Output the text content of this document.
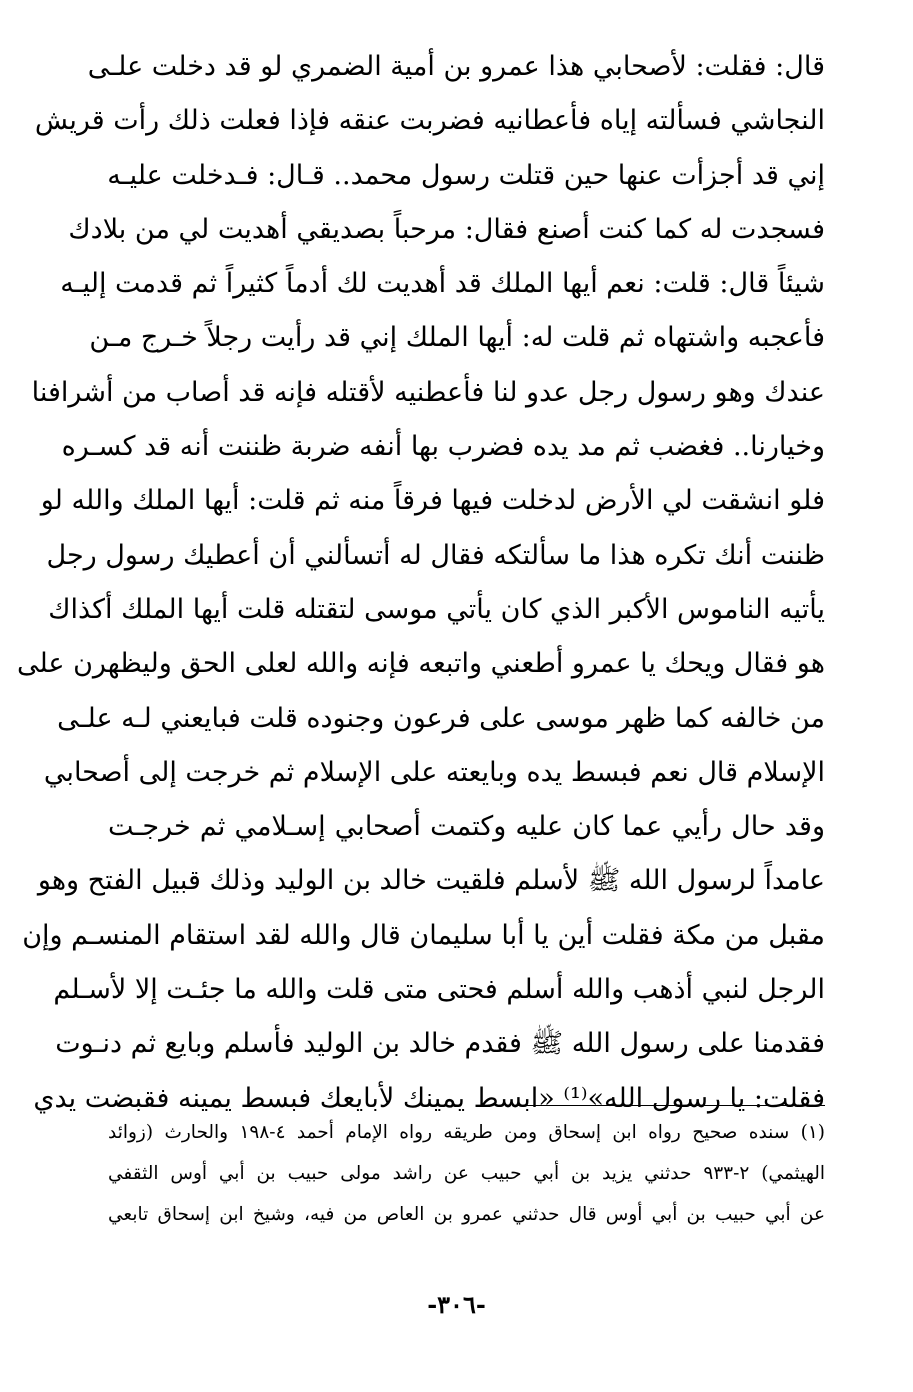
قال: فقلت: لأصحابي هذا عمرو بن أمية الضمري لو قد دخلت علـى
النجاشي فسألته إياه فأعطانيه فضربت عنقه فإذا فعلت ذلك رأت قريش
إني قد أجزأت عنها حين قتلت رسول محمد.. قـال: فـدخلت عليـه
فسجدت له كما كنت أصنع فقال: مرحباً بصديقي أهديت لي من بلادك
شيئاً قال: قلت: نعم أيها الملك قد أهديت لك أدماً كثيراً ثم قدمت إليـه
فأعجبه واشتهاه ثم قلت له: أيها الملك إني قد رأيت رجلاً خـرج مـن
عندك وهو رسول رجل عدو لنا فأعطنيه لأقتله فإنه قد أصاب من أشرافنا
وخيارنا.. فغضب ثم مد يده فضرب بها أنفه ضربة ظننت أنه قد كسـره
فلو انشقت لي الأرض لدخلت فيها فرقاً منه ثم قلت: أيها الملك والله لو
ظننت أنك تكره هذا ما سألتكه فقال له أتسألني أن أعطيك رسول رجل
يأتيه الناموس الأكبر الذي كان يأتي موسى لتقتله قلت أيها الملك أكذاك
هو فقال ويحك يا عمرو أطعني واتبعه فإنه والله لعلى الحق وليظهرن على
من خالفه كما ظهر موسى على فرعون وجنوده قلت فبايعني لـه علـى
الإسلام قال نعم فبسط يده وبايعته على الإسلام ثم خرجت إلى أصحابي
وقد حال رأيي عما كان عليه وكتمت أصحابي إسـلامي ثم خرجـت
عامداً لرسول الله ﷺ لأسلم فلقيت خالد بن الوليد وذلك قبيل الفتح وهو
مقبل من مكة فقلت أين يا أبا سليمان قال والله لقد استقام المنسـم وإن
الرجل لنبي أذهب والله أسلم فحتى متى قلت والله ما جئـت إلا لأسـلم
فقدمنا على رسول الله ﷺ فقدم خالد بن الوليد فأسلم وبايع ثم دنـوت
فقلت: يا رسول الله»⁽¹⁾ «ابسط يمينك لأبايعك فبسط يمينه فقبضت يدي
(١) سنده صحيح رواه ابن إسحاق ومن طريقه رواه الإمام أحمد ٤-١٩٨ والحارث (زوائد
الهيثمي) ٢-٩٣٣ حدثني يزيد بن أبي حبيب عن راشد مولى حبيب بن أبي أوس الثقفي
عن أبي حبيب بن أبي أوس قال حدثني عمرو بن العاص من فيه، وشيخ ابن إسحاق تابعي
-٣٠٦-
